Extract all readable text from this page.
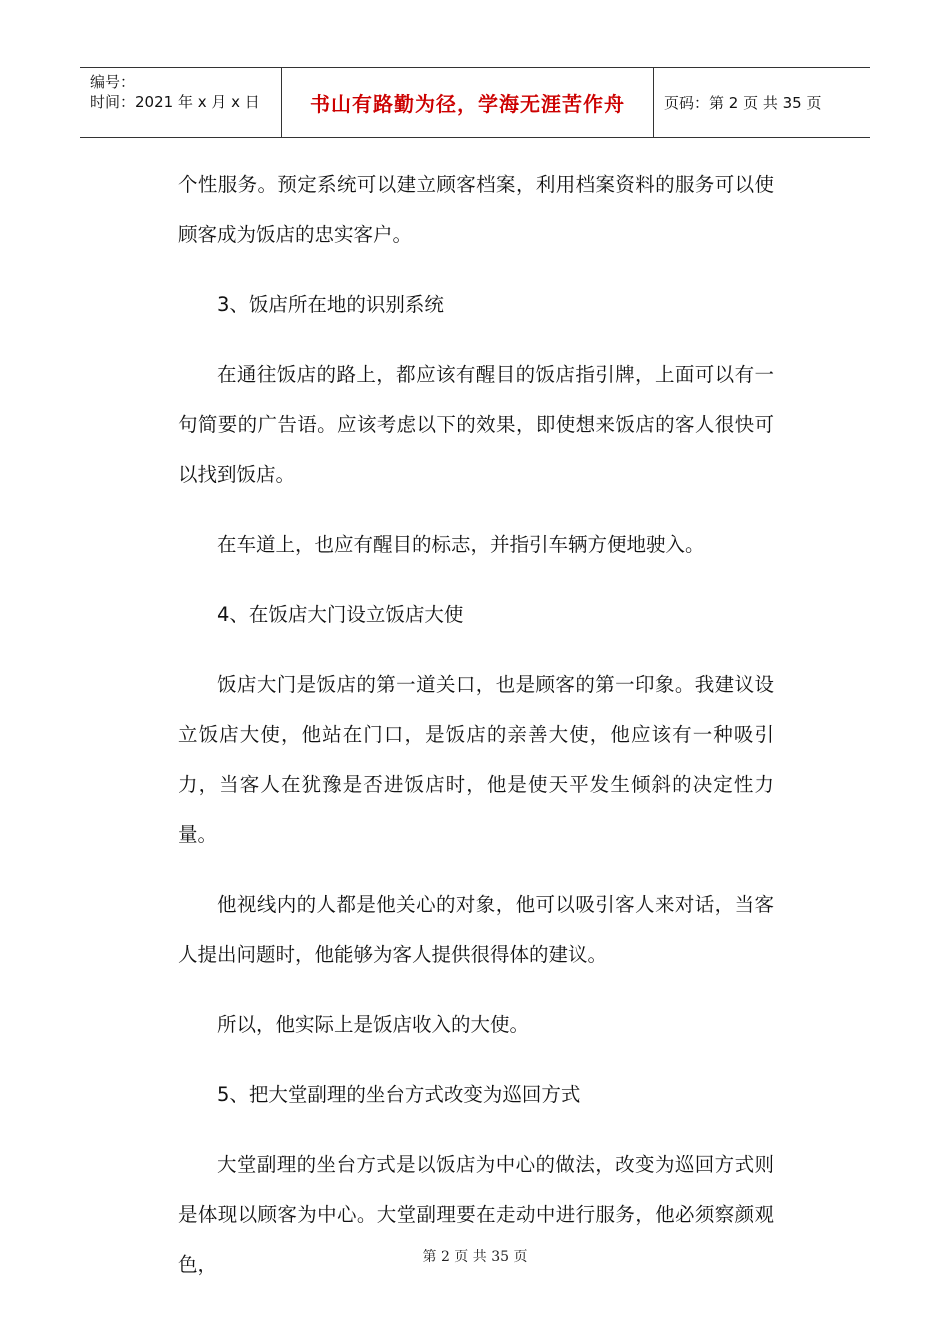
编号：
时间：2021 年 x 月 x 日	书山有路勤为径，学海无涯苦作舟	页码：第 2 页 共 35 页

个性服务。预定系统可以建立顾客档案，利用档案资料的服务可以使顾客成为饭店的忠实客户。

3、饭店所在地的识别系统

在通往饭店的路上，都应该有醒目的饭店指引牌，上面可以有一句简要的广告语。应该考虑以下的效果，即使想来饭店的客人很快可以找到饭店。

在车道上，也应有醒目的标志，并指引车辆方便地驶入。

4、在饭店大门设立饭店大使

饭店大门是饭店的第一道关口，也是顾客的第一印象。我建议设立饭店大使，他站在门口，是饭店的亲善大使，他应该有一种吸引力，当客人在犹豫是否进饭店时，他是使天平发生倾斜的决定性力量。

他视线内的人都是他关心的对象，他可以吸引客人来对话，当客人提出问题时，他能够为客人提供很得体的建议。

所以，他实际上是饭店收入的大使。

5、把大堂副理的坐台方式改变为巡回方式

大堂副理的坐台方式是以饭店为中心的做法，改变为巡回方式则是体现以顾客为中心。大堂副理要在走动中进行服务，他必须察颜观色，	第 2 页 共 35 页
